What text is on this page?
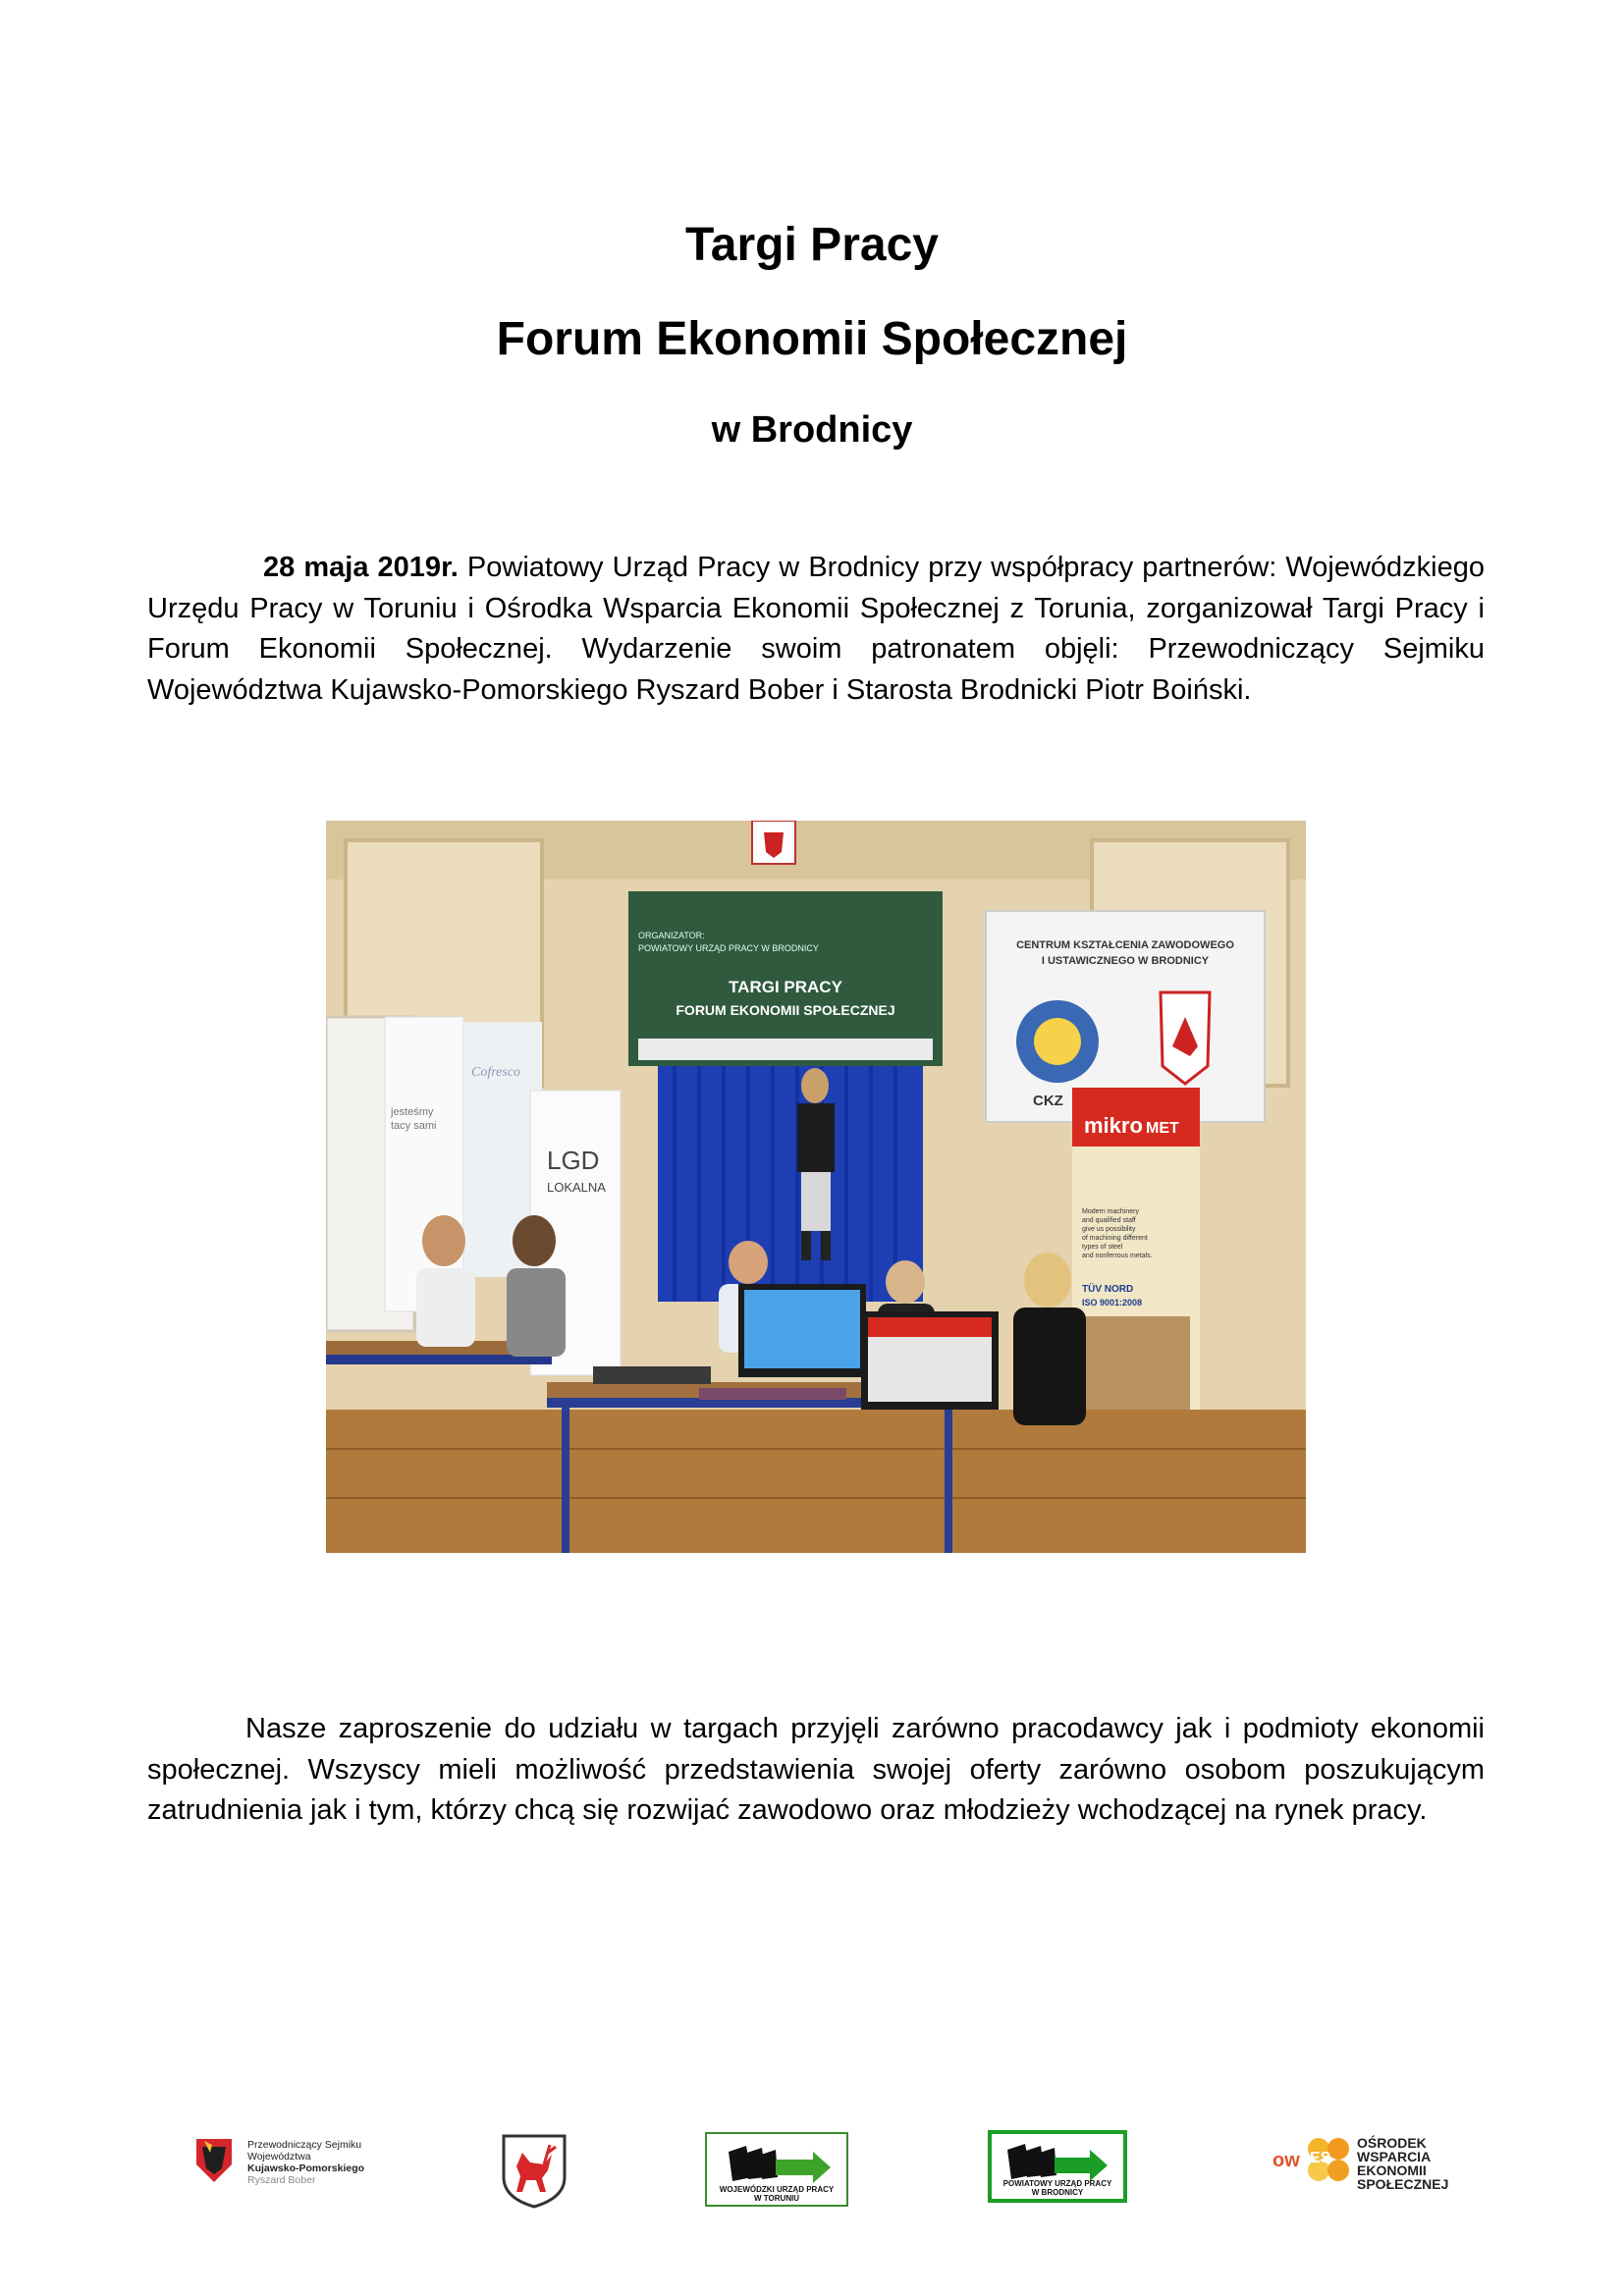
Targi Pracy
Forum Ekonomii Społecznej
w Brodnicy

28 maja 2019r. Powiatowy Urząd Pracy w Brodnicy przy współpracy partnerów: Wojewódzkiego Urzędu Pracy w Toruniu i Ośrodka Wsparcia Ekonomii Społecznej z Torunia, zorganizował Targi Pracy i Forum Ekonomii Społecznej. Wydarzenie swoim patronatem objęli: Przewodniczący Sejmiku Województwa Kujawsko-Pomorskiego Ryszard Bober i Starosta Brodnicki Piotr Boiński.

ORGANIZATOR:
POWIATOWY URZĄD PRACY W BRODNICY
TARGI PRACY
FORUM EKONOMII SPOŁECZNEJ
CENTRUM KSZTAŁCENIA ZAWODOWEGO
I USTAWICZNEGO W BRODNICY
CKZ
jesteśmy
tacy sami
Cofresco
LGD
LOKALNA
mikro MET
Modern machinery
and qualified staff
give us possibility
of machining different
types of steel
and nonferrous metals.
TÜV NORD
ISO 9001:2008

Nasze zaproszenie do udziału w targach przyjęli zarówno pracodawcy jak i podmioty ekonomii społecznej. Wszyscy mieli możliwość przedstawienia swojej oferty zarówno osobom poszukującym zatrudnienia jak i tym, którzy chcą się rozwijać zawodowo oraz młodzieży wchodzącej na rynek pracy.

Przewodniczący Sejmiku
Województwa
Kujawsko-Pomorskiego
Ryszard Bober
WOJEWÓDZKI URZĄD PRACY
W TORUNIU
POWIATOWY URZĄD PRACY
W BRODNICY
ow ES
OŚRODEK
WSPARCIA
EKONOMII
SPOŁECZNEJ
